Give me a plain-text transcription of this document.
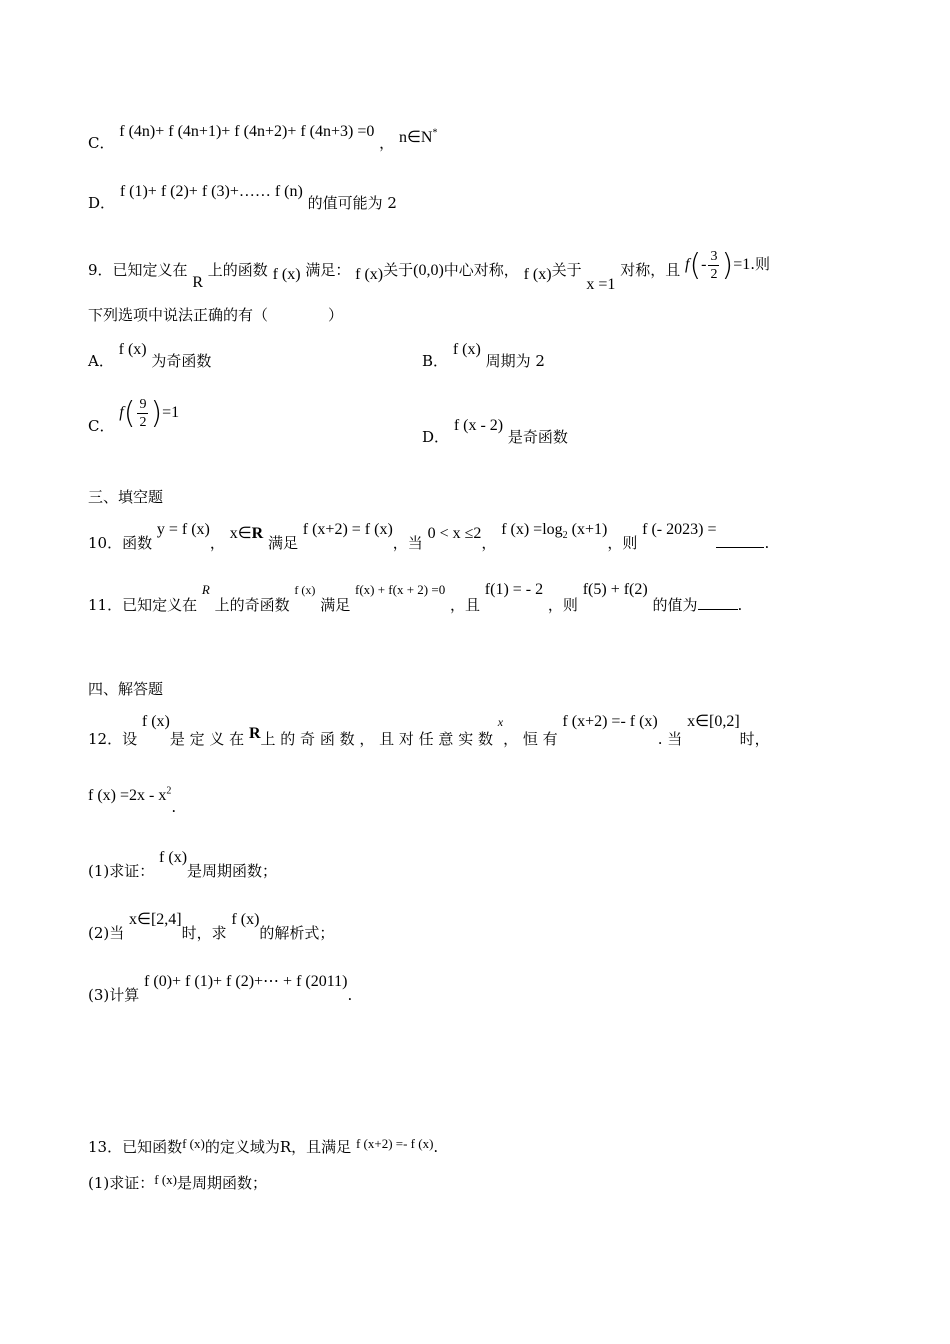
C． f (4n)+ f (4n+1)+ f (4n+2)+ f (4n+3) =0 ， n∈N*
D． f (1)+ f (2)+ f (3)+…… f (n) 的值可能为 2
9．已知定义在 R 上的函数 f (x) 满足： f (x)关于(0,0)中心对称， f (x)关于 x =1 对称，且 $f(- \frac{3}{2} )=1$.则
下列选项中说法正确的有（　　　　）
A． f (x) 为奇函数	B． f (x) 周期为 2
C． $f( \frac{9}{2} )=1$
D． f (x - 2) 是奇函数
三、填空题
10．函数 y = f (x)， x∈R 满足 f (x+2) = f (x)，当 0 < x ≤2， f $(x) =\log_2$ (x+1)，则 f (- 2023) =.
11．已知定义在 R 上的奇函数 f (x) 满足 f(x) + f(x + 2) =0 ，且 f(1) = - 2 ，则 f(5) + f(2) 的值为	.
四、解答题
12．设 f (x)是 定 义 在 R上 的 奇 函 数 ， 且 对 任 意 实 数 x， 恒 有 f (x+2) =- f (x). 当 x∈[0,2]时，
f $(x) =2x - x^2$.
(1)求证： f (x)是周期函数；
(2)当 x∈[2,4]时，求 f (x)的解析式；
(3)计算 f (0)+ f (1)+ f (2)+⋯ + f (2011).
13．已知函数f (x)的定义域为R，且满足 f (x+2) =- f (x).
(1)求证：f (x)是周期函数；
